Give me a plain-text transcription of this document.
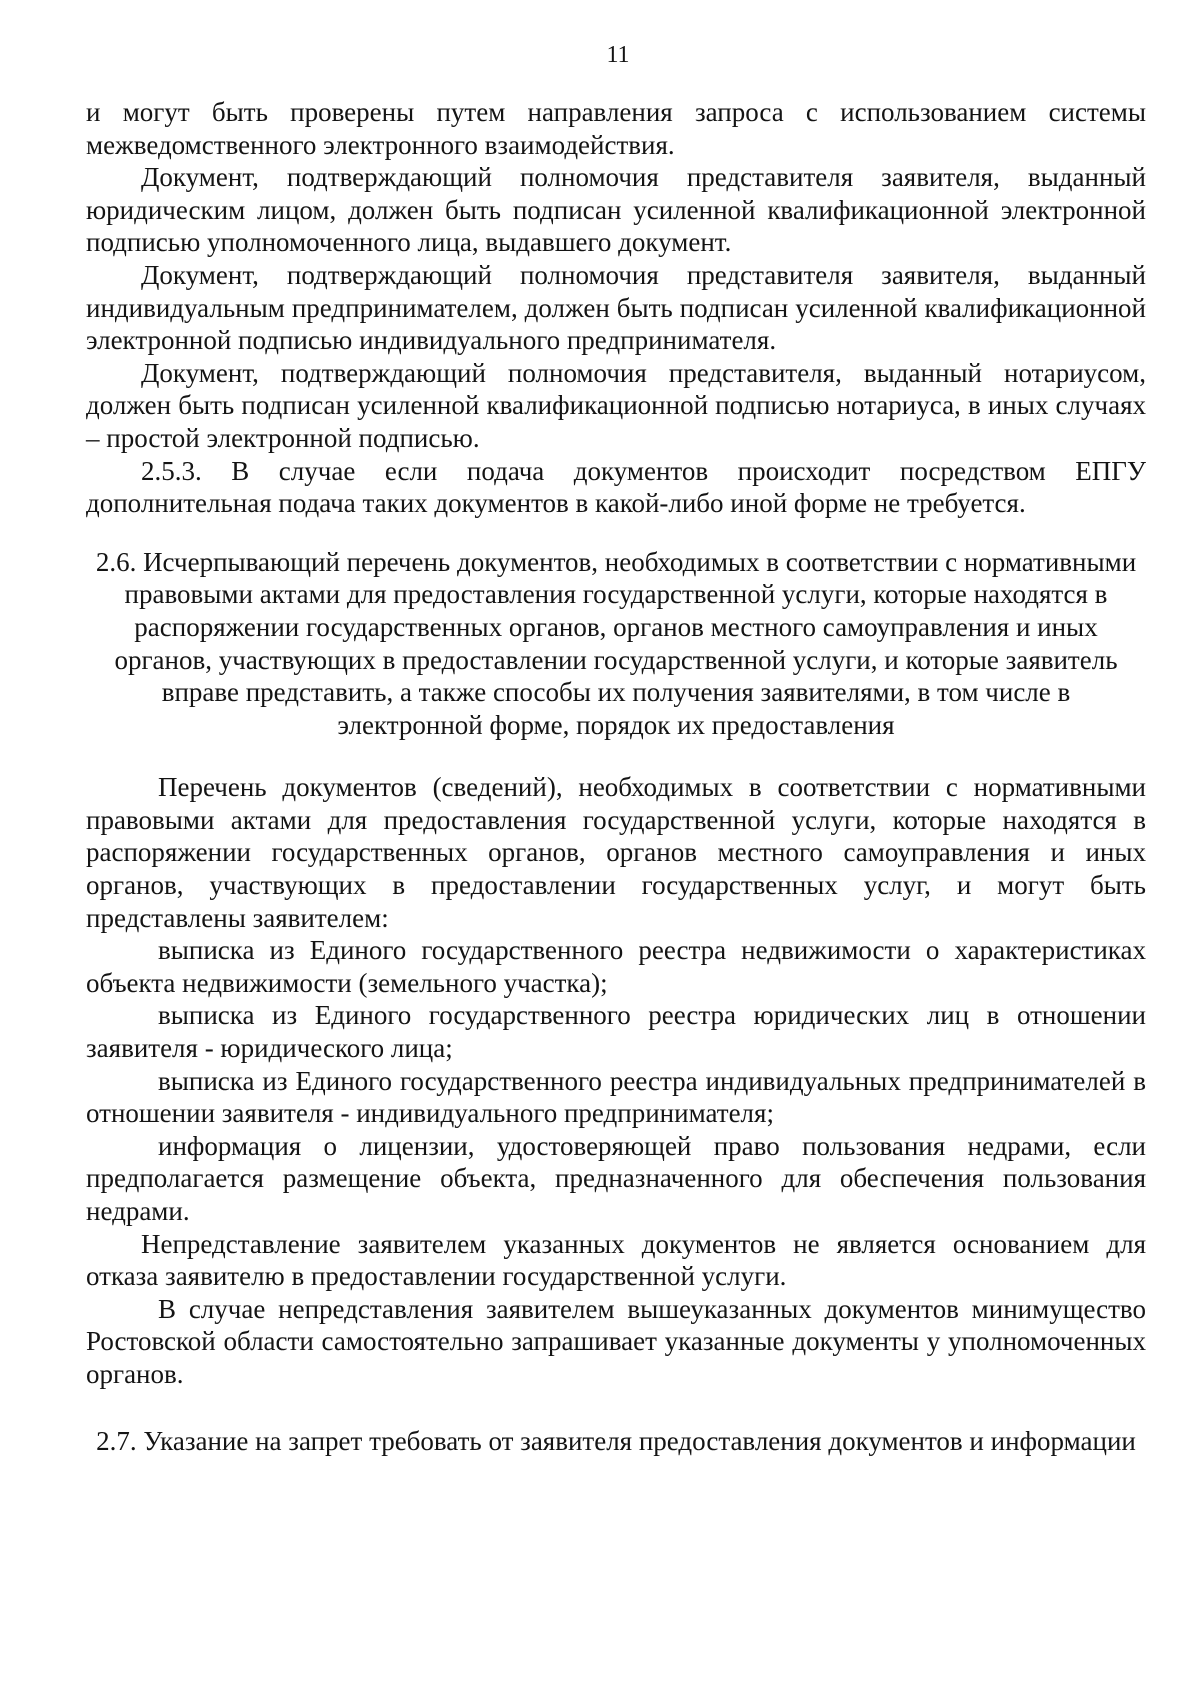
11

и могут быть проверены путем направления запроса с использованием системы межведомственного электронного взаимодействия.

Документ, подтверждающий полномочия представителя заявителя, выданный юридическим лицом, должен быть подписан усиленной квалификационной электронной подписью уполномоченного лица, выдавшего документ.

Документ, подтверждающий полномочия представителя заявителя, выданный индивидуальным предпринимателем, должен быть подписан усиленной квалификационной электронной подписью индивидуального предпринимателя.

Документ, подтверждающий полномочия представителя, выданный нотариусом, должен быть подписан усиленной квалификационной подписью нотариуса, в иных случаях – простой электронной подписью.

2.5.3. В случае если подача документов происходит посредством ЕПГУ дополнительная подача таких документов в какой-либо иной форме не требуется.

2.6. Исчерпывающий перечень документов, необходимых в соответствии с нормативными правовыми актами для предоставления государственной услуги, которые находятся в распоряжении государственных органов, органов местного самоуправления и иных органов, участвующих в предоставлении государственной услуги, и которые заявитель вправе представить, а также способы их получения заявителями, в том числе в электронной форме, порядок их предоставления

Перечень документов (сведений), необходимых в соответствии с нормативными правовыми актами для предоставления государственной услуги, которые находятся в распоряжении государственных органов, органов местного самоуправления и иных органов, участвующих в предоставлении государственных услуг, и могут быть представлены заявителем:

выписка из Единого государственного реестра недвижимости о характеристиках объекта недвижимости (земельного участка);

выписка из Единого государственного реестра юридических лиц в отношении заявителя - юридического лица;

выписка из Единого государственного реестра индивидуальных предпринимателей в отношении заявителя - индивидуального предпринимателя;

информация о лицензии, удостоверяющей право пользования недрами, если предполагается размещение объекта, предназначенного для обеспечения пользования недрами.

Непредставление заявителем указанных документов не является основанием для отказа заявителю в предоставлении государственной услуги.

В случае непредставления заявителем вышеуказанных документов минимущество Ростовской области самостоятельно запрашивает указанные документы у уполномоченных органов.

2.7. Указание на запрет требовать от заявителя предоставления документов и информации
